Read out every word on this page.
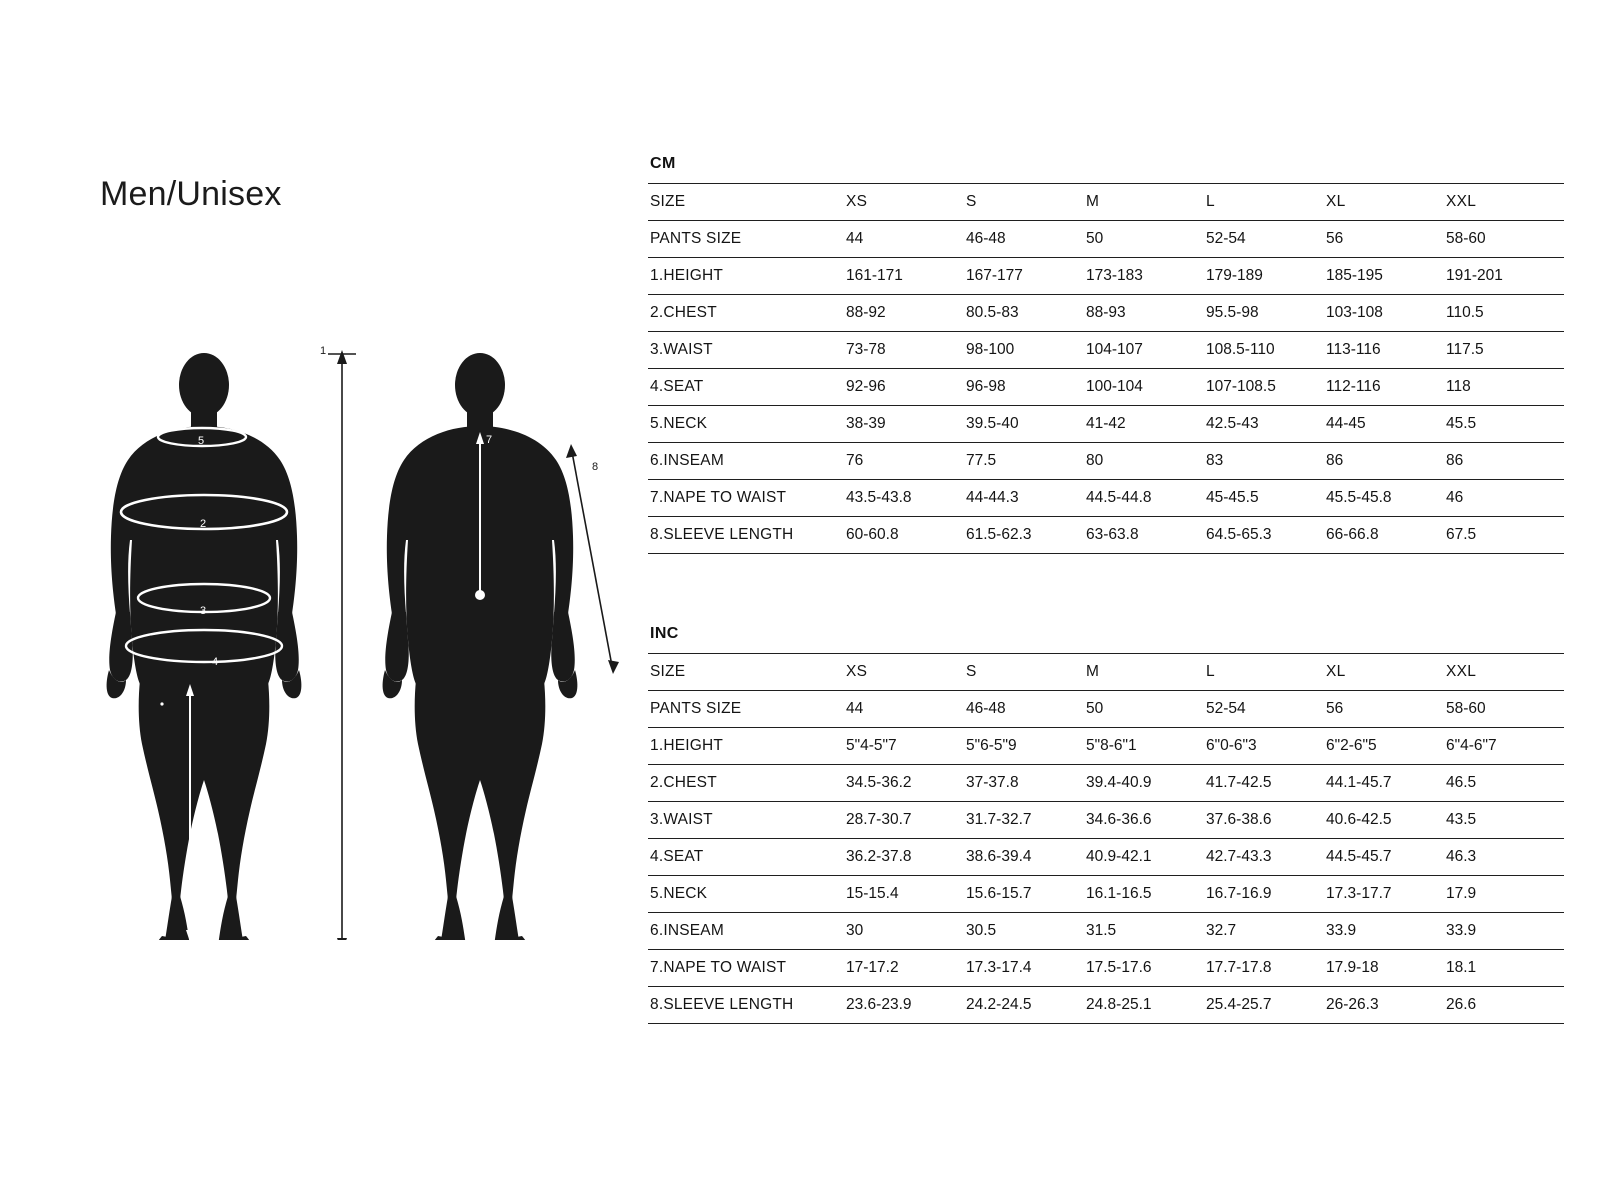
Men/Unisex
5
2
3
4
1
7
8
CM
SIZE	XS	S	M	L	XL	XXL
PANTS SIZE	44	46-48	50	52-54	56	58-60
1.HEIGHT	161-171	167-177	173-183	179-189	185-195	191-201
2.CHEST	88-92	80.5-83	88-93	95.5-98	103-108	110.5
3.WAIST	73-78	98-100	104-107	108.5-110	113-116	117.5
4.SEAT	92-96	96-98	100-104	107-108.5	112-116	118
5.NECK	38-39	39.5-40	41-42	42.5-43	44-45	45.5
6.INSEAM	76	77.5	80	83	86	86
7.NAPE TO WAIST	43.5-43.8	44-44.3	44.5-44.8	45-45.5	45.5-45.8	46
8.SLEEVE LENGTH	60-60.8	61.5-62.3	63-63.8	64.5-65.3	66-66.8	67.5
INC
SIZE	XS	S	M	L	XL	XXL
PANTS SIZE	44	46-48	50	52-54	56	58-60
1.HEIGHT	5"4-5"7	5"6-5"9	5"8-6"1	6"0-6"3	6"2-6"5	6"4-6"7
2.CHEST	34.5-36.2	37-37.8	39.4-40.9	41.7-42.5	44.1-45.7	46.5
3.WAIST	28.7-30.7	31.7-32.7	34.6-36.6	37.6-38.6	40.6-42.5	43.5
4.SEAT	36.2-37.8	38.6-39.4	40.9-42.1	42.7-43.3	44.5-45.7	46.3
5.NECK	15-15.4	15.6-15.7	16.1-16.5	16.7-16.9	17.3-17.7	17.9
6.INSEAM	30	30.5	31.5	32.7	33.9	33.9
7.NAPE TO WAIST	17-17.2	17.3-17.4	17.5-17.6	17.7-17.8	17.9-18	18.1
8.SLEEVE LENGTH	23.6-23.9	24.2-24.5	24.8-25.1	25.4-25.7	26-26.3	26.6
